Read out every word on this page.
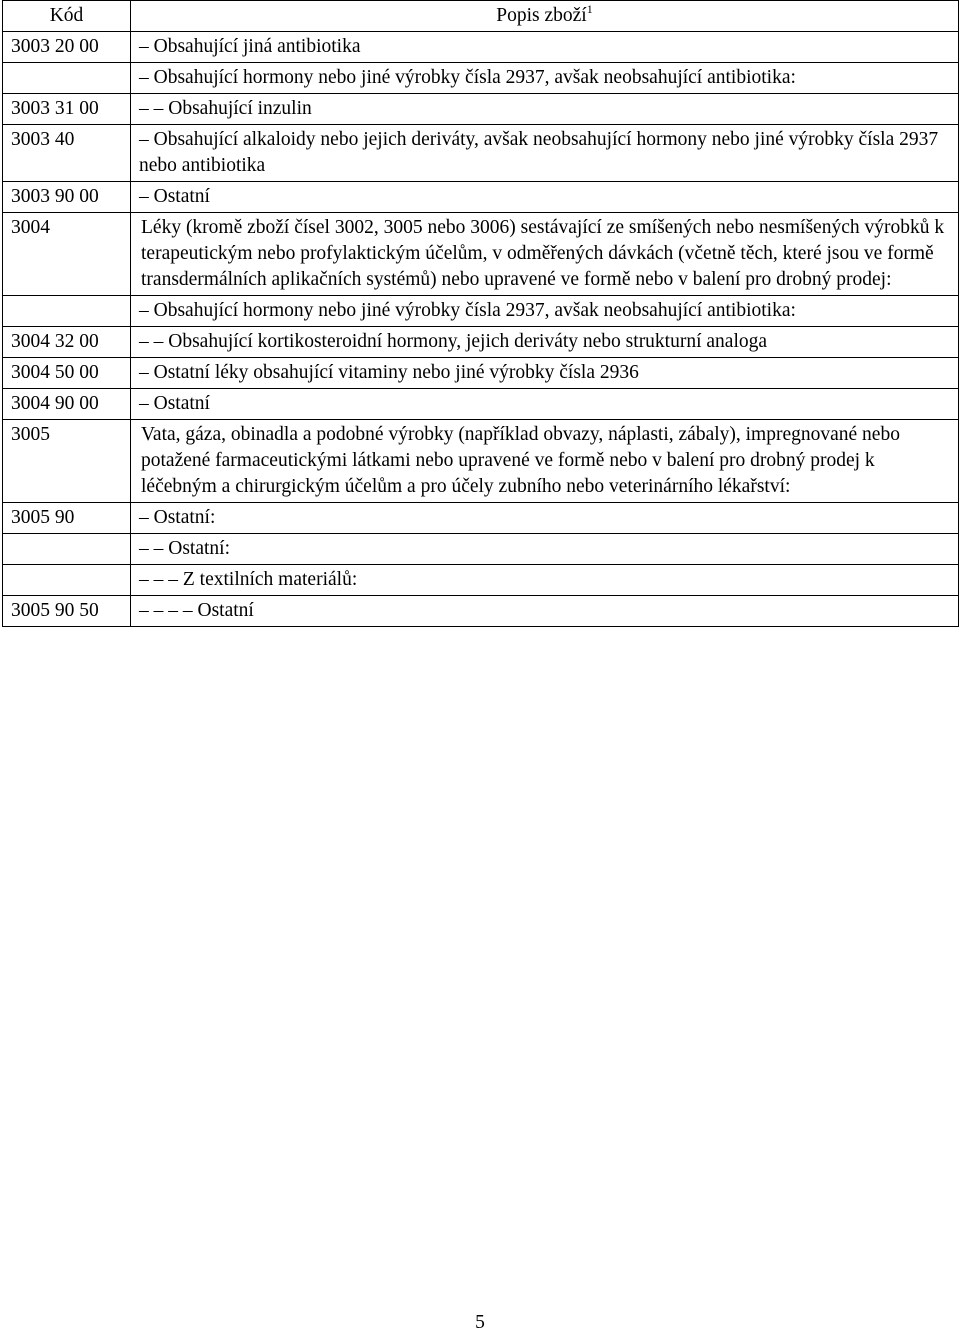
Kód	Popis zboží$^1$
3003 20 00	– Obsahující jiná antibiotika
	– Obsahující hormony nebo jiné výrobky čísla 2937, avšak neobsahující antibiotika:
3003 31 00	– – Obsahující inzulin
3003 40	– Obsahující alkaloidy nebo jejich deriváty, avšak neobsahující hormony nebo jiné výrobky čísla 2937 nebo antibiotika
3003 90 00	– Ostatní
3004	Léky (kromě zboží čísel 3002, 3005 nebo 3006) sestávající ze smíšených nebo nesmíšených výrobků k terapeutickým nebo profylaktickým účelům, v odměřených dávkách (včetně těch, které jsou ve formě transdermálních aplikačních systémů) nebo upravené ve formě nebo v balení pro drobný prodej:
	– Obsahující hormony nebo jiné výrobky čísla 2937, avšak neobsahující antibiotika:
3004 32 00	– – Obsahující kortikosteroidní hormony, jejich deriváty nebo strukturní analoga
3004 50 00	– Ostatní léky obsahující vitaminy nebo jiné výrobky čísla 2936
3004 90 00	– Ostatní
3005	Vata, gáza, obinadla a podobné výrobky (například obvazy, náplasti, zábaly), impregnované nebo potažené farmaceutickými látkami nebo upravené ve formě nebo v balení pro drobný prodej k léčebným a chirurgickým účelům a pro účely zubního nebo veterinárního lékařství:
3005 90	– Ostatní:
	– – Ostatní:
	– – – Z textilních materiálů:
3005 90 50	– – – – Ostatní
5
